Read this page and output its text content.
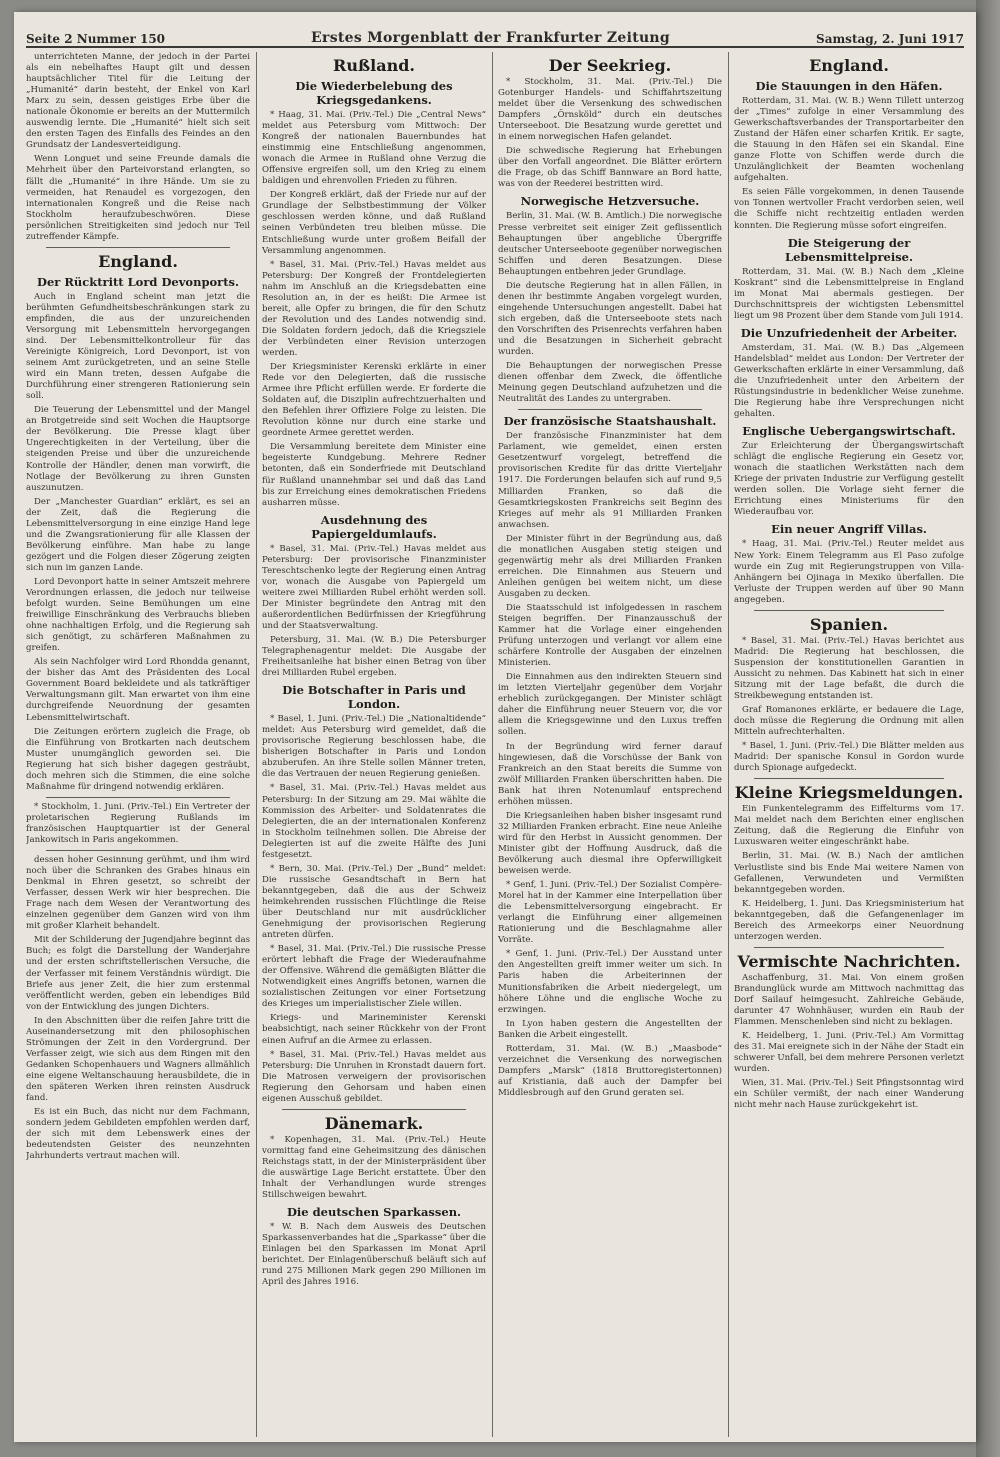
Seite 2 Nummer 150	Erstes Morgenblatt der Frankfurter Zeitung	Samstag, 2. Juni 1917

unterrichteten Manne, der jedoch in der Partei als ein nebelhaftes Haupt gilt und dessen hauptsächlicher Titel für die Leitung der „Humanité“ darin besteht, der Enkel von Karl Marx zu sein, dessen geistiges Erbe über die nationale Ökonomie er bereits an der Muttermilch auswendig lernte. Die „Humanité“ hielt sich seit den ersten Tagen des Einfalls des Feindes an den Grundsatz der Landesverteidigung.

Wenn Longuet und seine Freunde damals die Mehrheit über den Parteivorstand erlangten, so fällt die „Humanité“ in ihre Hände. Um sie zu vermeiden, hat Renaudel es vorgezogen, den internationalen Kongreß und die Reise nach Stockholm heraufzubeschwören. Diese persönlichen Streitigkeiten sind jedoch nur Teil zutreffender Kämpfe.

England.
Der Rücktritt Lord Devonports.

Auch in England scheint man jetzt die berühmten Gefundheitsbeschränkungen stark zu empfinden, die aus der unzureichenden Versorgung mit Lebensmitteln hervorgegangen sind. Der Lebensmittelkontrolleur für das Vereinigte Königreich, Lord Devonport, ist von seinem Amt zurückgetreten, und an seine Stelle wird ein Mann treten, dessen Aufgabe die Durchführung einer strengeren Rationierung sein soll.

Die Teuerung der Lebensmittel und der Mangel an Brotgetreide sind seit Wochen die Hauptsorge der Bevölkerung. Die Presse klagt über Ungerechtigkeiten in der Verteilung, über die steigenden Preise und über die unzureichende Kontrolle der Händler, denen man vorwirft, die Notlage der Bevölkerung zu ihren Gunsten auszunutzen.

Der „Manchester Guardian“ erklärt, es sei an der Zeit, daß die Regierung die Lebensmittelversorgung in eine einzige Hand lege und die Zwangsrationierung für alle Klassen der Bevölkerung einführe. Man habe zu lange gezögert und die Folgen dieser Zögerung zeigten sich nun im ganzen Lande.

Lord Devonport hatte in seiner Amtszeit mehrere Verordnungen erlassen, die jedoch nur teilweise befolgt wurden. Seine Bemühungen um eine freiwillige Einschränkung des Verbrauchs blieben ohne nachhaltigen Erfolg, und die Regierung sah sich genötigt, zu schärferen Maßnahmen zu greifen.

Als sein Nachfolger wird Lord Rhondda genannt, der bisher das Amt des Präsidenten des Local Government Board bekleidete und als tatkräftiger Verwaltungsmann gilt. Man erwartet von ihm eine durchgreifende Neuordnung der gesamten Lebensmittelwirtschaft.

Die Zeitungen erörtern zugleich die Frage, ob die Einführung von Brotkarten nach deutschem Muster unumgänglich geworden sei. Die Regierung hat sich bisher dagegen gesträubt, doch mehren sich die Stimmen, die eine solche Maßnahme für dringend notwendig erklären.

* Stockholm, 1. Juni. (Priv.-Tel.) Ein Vertreter der proletarischen Regierung Rußlands im französischen Hauptquartier ist der General Jankowitsch in Paris angekommen.

dessen hoher Gesinnung gerühmt, und ihm wird noch über die Schranken des Grabes hinaus ein Denkmal in Ehren gesetzt, so schreibt der Verfasser, dessen Werk wir hier besprechen. Die Frage nach dem Wesen der Verantwortung des einzelnen gegenüber dem Ganzen wird von ihm mit großer Klarheit behandelt.

Mit der Schilderung der Jugendjahre beginnt das Buch; es folgt die Darstellung der Wanderjahre und der ersten schriftstellerischen Versuche, die der Verfasser mit feinem Verständnis würdigt. Die Briefe aus jener Zeit, die hier zum erstenmal veröffentlicht werden, geben ein lebendiges Bild von der Entwicklung des jungen Dichters.

In den Abschnitten über die reifen Jahre tritt die Auseinandersetzung mit den philosophischen Strömungen der Zeit in den Vordergrund. Der Verfasser zeigt, wie sich aus dem Ringen mit den Gedanken Schopenhauers und Wagners allmählich eine eigene Weltanschauung herausbildete, die in den späteren Werken ihren reinsten Ausdruck fand.

Es ist ein Buch, das nicht nur dem Fachmann, sondern jedem Gebildeten empfohlen werden darf, der sich mit dem Lebenswerk eines der bedeutendsten Geister des neunzehnten Jahrhunderts vertraut machen will.

Rußland.
Die Wiederbelebung des Kriegsgedankens.

* Haag, 31. Mai. (Priv.-Tel.) Die „Central News“ meldet aus Petersburg vom Mittwoch: Der Kongreß der nationalen Bauernbundes hat einstimmig eine Entschließung angenommen, wonach die Armee in Rußland ohne Verzug die Offensive ergreifen soll, um den Krieg zu einem baldigen und ehrenvollen Frieden zu führen.

Der Kongreß erklärt, daß der Friede nur auf der Grundlage der Selbstbestimmung der Völker geschlossen werden könne, und daß Rußland seinen Verbündeten treu bleiben müsse. Die Entschließung wurde unter großem Beifall der Versammlung angenommen.

* Basel, 31. Mai. (Priv.-Tel.) Havas meldet aus Petersburg: Der Kongreß der Frontdelegierten nahm im Anschluß an die Kriegsdebatten eine Resolution an, in der es heißt: Die Armee ist bereit, alle Opfer zu bringen, die für den Schutz der Revolution und des Landes notwendig sind. Die Soldaten fordern jedoch, daß die Kriegsziele der Verbündeten einer Revision unterzogen werden.

Der Kriegsminister Kerenski erklärte in einer Rede vor den Delegierten, daß die russische Armee ihre Pflicht erfüllen werde. Er forderte die Soldaten auf, die Disziplin aufrechtzuerhalten und den Befehlen ihrer Offiziere Folge zu leisten. Die Revolution könne nur durch eine starke und geordnete Armee gerettet werden.

Die Versammlung bereitete dem Minister eine begeisterte Kundgebung. Mehrere Redner betonten, daß ein Sonderfriede mit Deutschland für Rußland unannehmbar sei und daß das Land bis zur Erreichung eines demokratischen Friedens ausharren müsse.

Ausdehnung des Papiergeldumlaufs.

* Basel, 31. Mai. (Priv.-Tel.) Havas meldet aus Petersburg: Der provisorische Finanzminister Tereschtschenko legte der Regierung einen Antrag vor, wonach die Ausgabe von Papiergeld um weitere zwei Milliarden Rubel erhöht werden soll. Der Minister begründete den Antrag mit den außerordentlichen Bedürfnissen der Kriegführung und der Staatsverwaltung.

Petersburg, 31. Mai. (W. B.) Die Petersburger Telegraphenagentur meldet: Die Ausgabe der Freiheitsanleihe hat bisher einen Betrag von über drei Milliarden Rubel ergeben.

Die Botschafter in Paris und London.

* Basel, 1. Juni. (Priv.-Tel.) Die „Nationaltidende“ meldet: Aus Petersburg wird gemeldet, daß die provisorische Regierung beschlossen habe, die bisherigen Botschafter in Paris und London abzuberufen. An ihre Stelle sollen Männer treten, die das Vertrauen der neuen Regierung genießen.

* Basel, 31. Mai. (Priv.-Tel.) Havas meldet aus Petersburg: In der Sitzung am 29. Mai wählte die Kommission des Arbeiter- und Soldatenrates die Delegierten, die an der internationalen Konferenz in Stockholm teilnehmen sollen. Die Abreise der Delegierten ist auf die zweite Hälfte des Juni festgesetzt.

* Bern, 30. Mai. (Priv.-Tel.) Der „Bund“ meldet: Die russische Gesandtschaft in Bern hat bekanntgegeben, daß die aus der Schweiz heimkehrenden russischen Flüchtlinge die Reise über Deutschland nur mit ausdrücklicher Genehmigung der provisorischen Regierung antreten dürfen.

* Basel, 31. Mai. (Priv.-Tel.) Die russische Presse erörtert lebhaft die Frage der Wiederaufnahme der Offensive. Während die gemäßigten Blätter die Notwendigkeit eines Angriffs betonen, warnen die sozialistischen Zeitungen vor einer Fortsetzung des Krieges um imperialistischer Ziele willen.

Kriegs- und Marineminister Kerenski beabsichtigt, nach seiner Rückkehr von der Front einen Aufruf an die Armee zu erlassen.

* Basel, 31. Mai. (Priv.-Tel.) Havas meldet aus Petersburg: Die Unruhen in Kronstadt dauern fort. Die Matrosen verweigern der provisorischen Regierung den Gehorsam und haben einen eigenen Ausschuß gebildet.

Dänemark.

* Kopenhagen, 31. Mai. (Priv.-Tel.) Heute vormittag fand eine Geheimsitzung des dänischen Reichstags statt, in der der Ministerpräsident über die auswärtige Lage Bericht erstattete. Über den Inhalt der Verhandlungen wurde strenges Stillschweigen bewahrt.

Die deutschen Sparkassen.

* W. B. Nach dem Ausweis des Deutschen Sparkassenverbandes hat die „Sparkasse“ über die Einlagen bei den Sparkassen im Monat April berichtet. Der Einlagenüberschuß beläuft sich auf rund 275 Millionen Mark gegen 290 Millionen im April des Jahres 1916.

Der Seekrieg.

* Stockholm, 31. Mai. (Priv.-Tel.) Die Gotenburger Handels- und Schiffahrtszeitung meldet über die Versenkung des schwedischen Dampfers „Örnsköld“ durch ein deutsches Unterseeboot. Die Besatzung wurde gerettet und in einem norwegischen Hafen gelandet.

Die schwedische Regierung hat Erhebungen über den Vorfall angeordnet. Die Blätter erörtern die Frage, ob das Schiff Bannware an Bord hatte, was von der Reederei bestritten wird.

Norwegische Hetzversuche.

Berlin, 31. Mai. (W. B. Amtlich.) Die norwegische Presse verbreitet seit einiger Zeit geflissentlich Behauptungen über angebliche Übergriffe deutscher Unterseeboote gegenüber norwegischen Schiffen und deren Besatzungen. Diese Behauptungen entbehren jeder Grundlage.

Die deutsche Regierung hat in allen Fällen, in denen ihr bestimmte Angaben vorgelegt wurden, eingehende Untersuchungen angestellt. Dabei hat sich ergeben, daß die Unterseeboote stets nach den Vorschriften des Prisenrechts verfahren haben und die Besatzungen in Sicherheit gebracht wurden.

Die Behauptungen der norwegischen Presse dienen offenbar dem Zweck, die öffentliche Meinung gegen Deutschland aufzuhetzen und die Neutralität des Landes zu untergraben.

Der französische Staatshaushalt.

Der französische Finanzminister hat dem Parlament, wie gemeldet, einen ersten Gesetzentwurf vorgelegt, betreffend die provisorischen Kredite für das dritte Vierteljahr 1917. Die Forderungen belaufen sich auf rund 9,5 Milliarden Franken, so daß die Gesamtkriegskosten Frankreichs seit Beginn des Krieges auf mehr als 91 Milliarden Franken anwachsen.

Der Minister führt in der Begründung aus, daß die monatlichen Ausgaben stetig steigen und gegenwärtig mehr als drei Milliarden Franken erreichen. Die Einnahmen aus Steuern und Anleihen genügen bei weitem nicht, um diese Ausgaben zu decken.

Die Staatsschuld ist infolgedessen in raschem Steigen begriffen. Der Finanzausschuß der Kammer hat die Vorlage einer eingehenden Prüfung unterzogen und verlangt vor allem eine schärfere Kontrolle der Ausgaben der einzelnen Ministerien.

Die Einnahmen aus den indirekten Steuern sind im letzten Vierteljahr gegenüber dem Vorjahr erheblich zurückgegangen. Der Minister schlägt daher die Einführung neuer Steuern vor, die vor allem die Kriegsgewinne und den Luxus treffen sollen.

In der Begründung wird ferner darauf hingewiesen, daß die Vorschüsse der Bank von Frankreich an den Staat bereits die Summe von zwölf Milliarden Franken überschritten haben. Die Bank hat ihren Notenumlauf entsprechend erhöhen müssen.

Die Kriegsanleihen haben bisher insgesamt rund 32 Milliarden Franken erbracht. Eine neue Anleihe wird für den Herbst in Aussicht genommen. Der Minister gibt der Hoffnung Ausdruck, daß die Bevölkerung auch diesmal ihre Opferwilligkeit beweisen werde.

* Genf, 1. Juni. (Priv.-Tel.) Der Sozialist Compère-Morel hat in der Kammer eine Interpellation über die Lebensmittelversorgung eingebracht. Er verlangt die Einführung einer allgemeinen Rationierung und die Beschlagnahme aller Vorräte.

* Genf, 1. Juni. (Priv.-Tel.) Der Ausstand unter den Angestellten greift immer weiter um sich. In Paris haben die Arbeiterinnen der Munitionsfabriken die Arbeit niedergelegt, um höhere Löhne und die englische Woche zu erzwingen.

In Lyon haben gestern die Angestellten der Banken die Arbeit eingestellt.

Rotterdam, 31. Mai. (W. B.) „Maasbode“ verzeichnet die Versenkung des norwegischen Dampfers „Marsk“ (1818 Bruttoregistertonnen) auf Kristiania, daß auch der Dampfer bei Middlesbrough auf den Grund geraten sei.

England.
Die Stauungen in den Häfen.

Rotterdam, 31. Mai. (W. B.) Wenn Tillett unterzog der „Times“ zufolge in einer Versammlung des Gewerkschaftsverbandes der Transportarbeiter den Zustand der Häfen einer scharfen Kritik. Er sagte, die Stauung in den Häfen sei ein Skandal. Eine ganze Flotte von Schiffen werde durch die Unzulänglichkeit der Beamten wochenlang aufgehalten.

Es seien Fälle vorgekommen, in denen Tausende von Tonnen wertvoller Fracht verdorben seien, weil die Schiffe nicht rechtzeitig entladen werden konnten. Die Regierung müsse sofort eingreifen.

Die Steigerung der Lebensmittelpreise.

Rotterdam, 31. Mai. (W. B.) Nach dem „Kleine Koskrant“ sind die Lebensmittelpreise in England im Monat Mai abermals gestiegen. Der Durchschnittspreis der wichtigsten Lebensmittel liegt um 98 Prozent über dem Stande vom Juli 1914.

Die Unzufriedenheit der Arbeiter.

Amsterdam, 31. Mai. (W. B.) Das „Algemeen Handelsblad“ meldet aus London: Der Vertreter der Gewerkschaften erklärte in einer Versammlung, daß die Unzufriedenheit unter den Arbeitern der Rüstungsindustrie in bedenklicher Weise zunehme. Die Regierung habe ihre Versprechungen nicht gehalten.

Englische Uebergangswirtschaft.

Zur Erleichterung der Übergangswirtschaft schlägt die englische Regierung ein Gesetz vor, wonach die staatlichen Werkstätten nach dem Kriege der privaten Industrie zur Verfügung gestellt werden sollen. Die Vorlage sieht ferner die Errichtung eines Ministeriums für den Wiederaufbau vor.

Ein neuer Angriff Villas.

* Haag, 31. Mai. (Priv.-Tel.) Reuter meldet aus New York: Einem Telegramm aus El Paso zufolge wurde ein Zug mit Regierungstruppen von Villa-Anhängern bei Ojinaga in Mexiko überfallen. Die Verluste der Truppen werden auf über 90 Mann angegeben.

Spanien.

* Basel, 31. Mai. (Priv.-Tel.) Havas berichtet aus Madrid: Die Regierung hat beschlossen, die Suspension der konstitutionellen Garantien in Aussicht zu nehmen. Das Kabinett hat sich in einer Sitzung mit der Lage befaßt, die durch die Streikbewegung entstanden ist.

Graf Romanones erklärte, er bedauere die Lage, doch müsse die Regierung die Ordnung mit allen Mitteln aufrechterhalten.

* Basel, 1. Juni. (Priv.-Tel.) Die Blätter melden aus Madrid: Der spanische Konsul in Gordon wurde durch Spionage aufgedeckt.

Kleine Kriegsmeldungen.

Ein Funkentelegramm des Eiffelturms vom 17. Mai meldet nach dem Berichten einer englischen Zeitung, daß die Regierung die Einfuhr von Luxuswaren weiter eingeschränkt habe.

Berlin, 31. Mai. (W. B.) Nach der amtlichen Verlustliste sind bis Ende Mai weitere Namen von Gefallenen, Verwundeten und Vermißten bekanntgegeben worden.

K. Heidelberg, 1. Juni. Das Kriegsministerium hat bekanntgegeben, daß die Gefangenenlager im Bereich des Armeekorps einer Neuordnung unterzogen werden.

Vermischte Nachrichten.

Aschaffenburg, 31. Mai. Von einem großen Brandunglück wurde am Mittwoch nachmittag das Dorf Sailauf heimgesucht. Zahlreiche Gebäude, darunter 47 Wohnhäuser, wurden ein Raub der Flammen. Menschenleben sind nicht zu beklagen.

K. Heidelberg, 1. Juni. (Priv.-Tel.) Am Vormittag des 31. Mai ereignete sich in der Nähe der Stadt ein schwerer Unfall, bei dem mehrere Personen verletzt wurden.

Wien, 31. Mai. (Priv.-Tel.) Seit Pfingstsonntag wird ein Schüler vermißt, der nach einer Wanderung nicht mehr nach Hause zurückgekehrt ist.
